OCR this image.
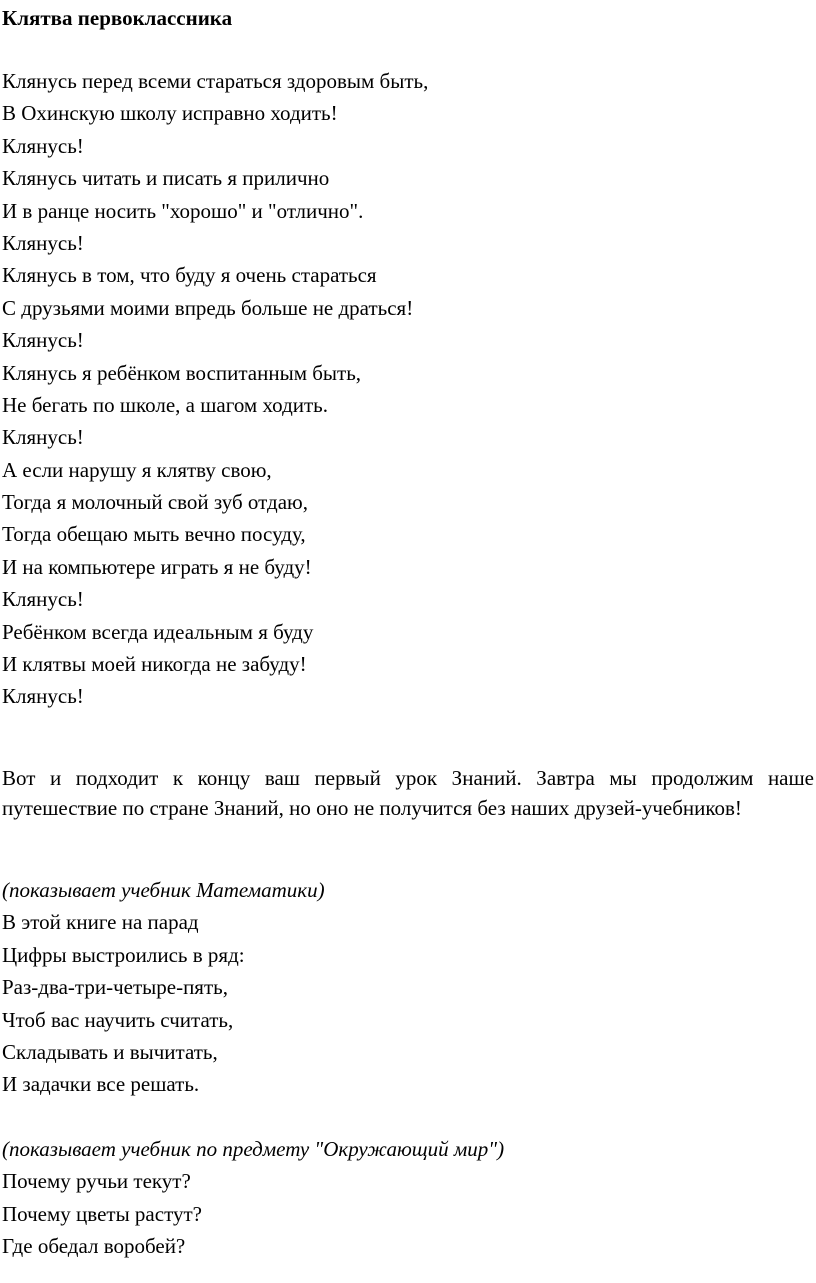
Клятва первоклассника
Клянусь перед всеми стараться здоровым быть,
В Охинскую школу исправно ходить!
Клянусь!
Клянусь читать и писать я прилично
И в ранце носить "хорошо" и "отлично".
Клянусь!
Клянусь в том, что буду я очень стараться
С друзьями моими впредь больше не драться!
Клянусь!
Клянусь я ребёнком воспитанным быть,
Не бегать по школе, а шагом ходить.
Клянусь!
А если нарушу я клятву свою,
Тогда я молочный свой зуб отдаю,
Тогда обещаю мыть вечно посуду,
И на компьютере играть я не буду!
Клянусь!
Ребёнком всегда идеальным я буду
И клятвы моей никогда не забуду!
Клянусь!
Вот и подходит к концу ваш первый урок Знаний. Завтра мы продолжим наше путешествие по стране Знаний, но оно не получится без наших друзей-учебников!
(показывает учебник Математики)
В этой книге на парад
Цифры выстроились в ряд:
Раз-два-три-четыре-пять,
Чтоб вас научить считать,
Складывать и вычитать,
И задачки все решать.
(показывает учебник по предмету "Окружающий мир")
Почему ручьи текут?
Почему цветы растут?
Где обедал воробей?
